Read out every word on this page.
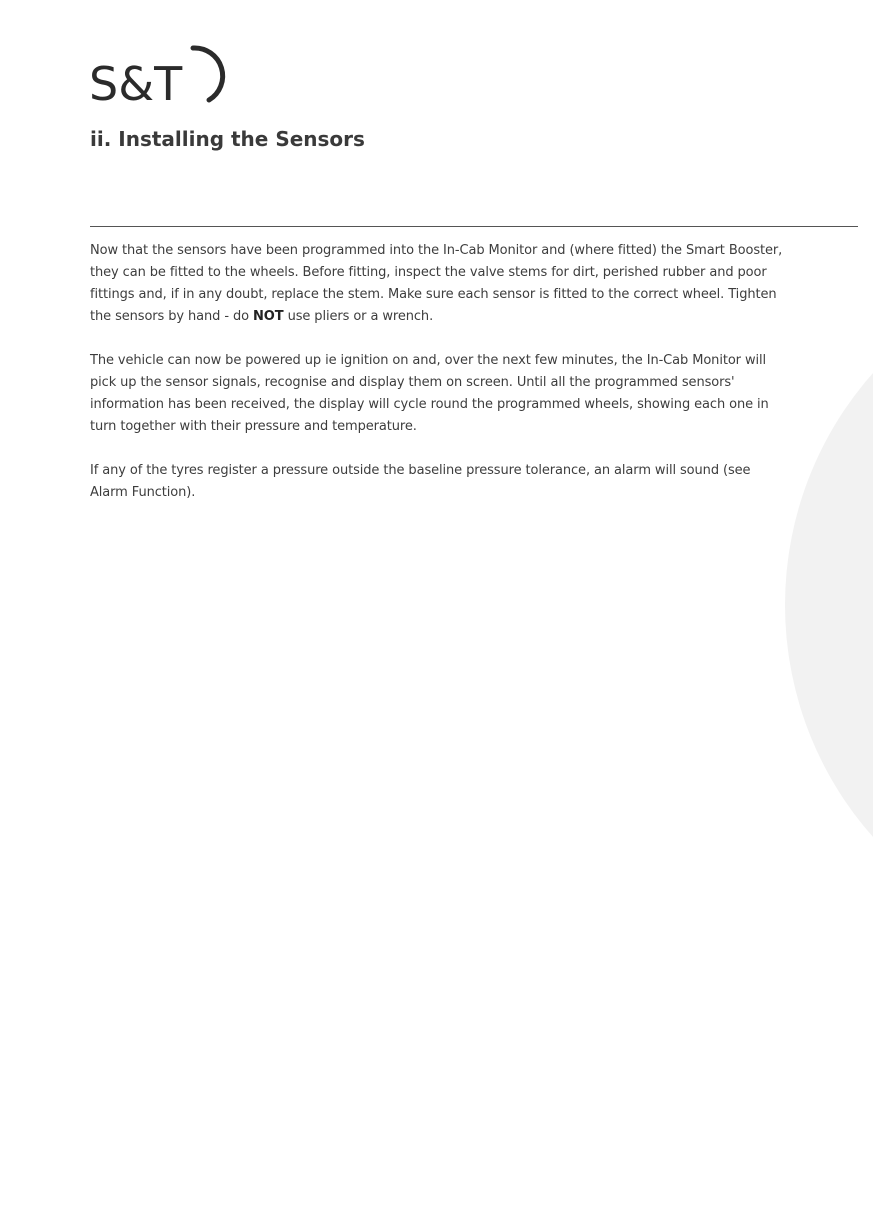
S&T
ii. Installing the Sensors

Now that the sensors have been programmed into the In-Cab Monitor and (where fitted) the Smart Booster, they can be fitted to the wheels. Before fitting, inspect the valve stems for dirt, perished rubber and poor fittings and, if in any doubt, replace the stem. Make sure each sensor is fitted to the correct wheel. Tighten the sensors by hand - do NOT use pliers or a wrench.

The vehicle can now be powered up ie ignition on and, over the next few minutes, the In-Cab Monitor will pick up the sensor signals, recognise and display them on screen. Until all the programmed sensors' information has been received, the display will cycle round the programmed wheels, showing each one in turn together with their pressure and temperature.

If any of the tyres register a pressure outside the baseline pressure tolerance, an alarm will sound (see Alarm Function).
